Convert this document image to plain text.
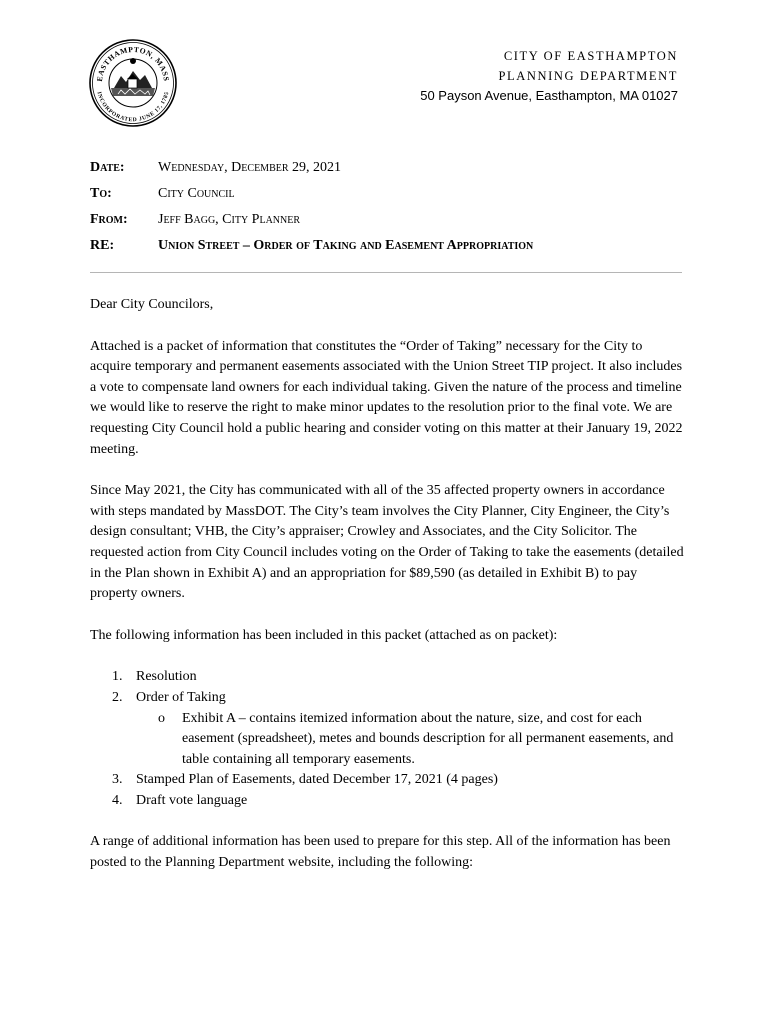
EASTHAMPTON, MASS
INCORPORATED JUNE 17, 1785
CITY OF EASTHAMPTON
PLANNING DEPARTMENT
50 Payson Avenue, Easthampton, MA 01027
Date:	Wednesday, December 29, 2021
To:	City Council
From:	Jeff Bagg, City Planner
RE:	Union Street – Order of Taking and Easement Appropriation

Dear City Councilors,

Attached is a packet of information that constitutes the “Order of Taking” necessary for the City to acquire temporary and permanent easements associated with the Union Street TIP project. It also includes a vote to compensate land owners for each individual taking. Given the nature of the process and timeline we would like to reserve the right to make minor updates to the resolution prior to the final vote. We are requesting City Council hold a public hearing and consider voting on this matter at their January 19, 2022 meeting.

Since May 2021, the City has communicated with all of the 35 affected property owners in accordance with steps mandated by MassDOT. The City’s team involves the City Planner, City Engineer, the City’s design consultant; VHB, the City’s appraiser; Crowley and Associates, and the City Solicitor. The requested action from City Council includes voting on the Order of Taking to take the easements (detailed in the Plan shown in Exhibit A) and an appropriation for $89,590 (as detailed in Exhibit B) to pay property owners.

The following information has been included in this packet (attached as on packet):

1. Resolution
2. Order of Taking
o	Exhibit A – contains itemized information about the nature, size, and cost for each easement (spreadsheet), metes and bounds description for all permanent easements, and table containing all temporary easements.
3. Stamped Plan of Easements, dated December 17, 2021 (4 pages)
4. Draft vote language

A range of additional information has been used to prepare for this step. All of the information has been posted to the Planning Department website, including the following:
